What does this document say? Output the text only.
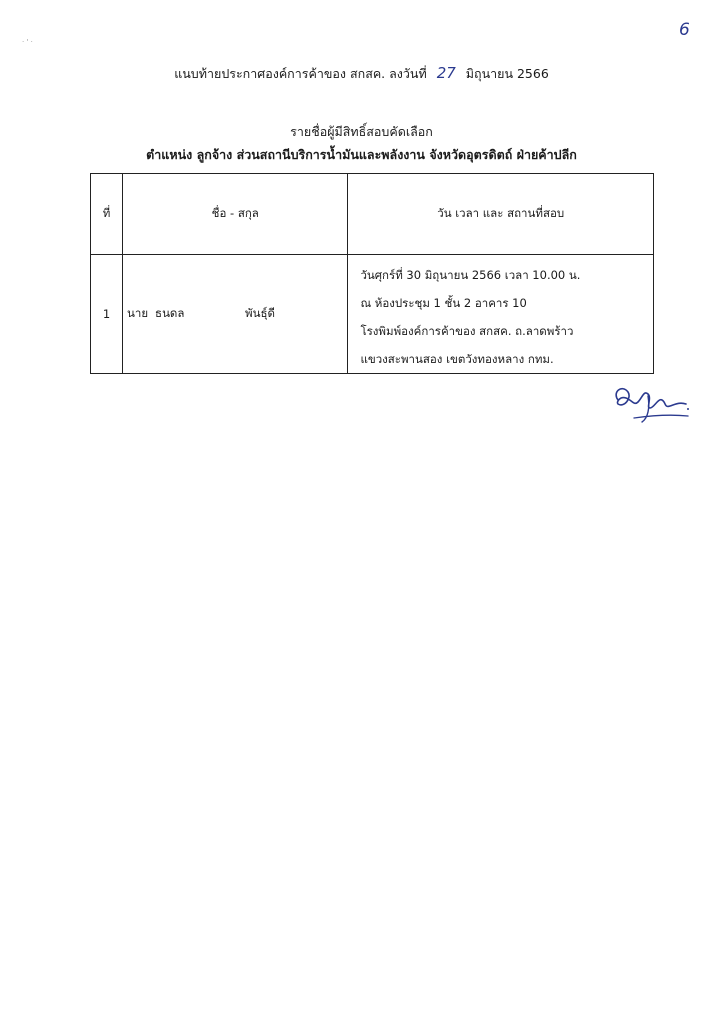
· ' ·
6
แนบท้ายประกาศองค์การค้าของ สกสค. ลงวันที่ 27 มิถุนายน 2566
รายชื่อผู้มีสิทธิ์สอบคัดเลือก
ตำแหน่ง ลูกจ้าง ส่วนสถานีบริการน้ำมันและพลังงาน จังหวัดอุตรดิตถ์ ฝ่ายค้าปลีก
ที่	ชื่อ - สกุล	วัน เวลา และ สถานที่สอบ
1	นาย ธนดล พันธุ์ดี	วันศุกร์ที่ 30 มิถุนายน 2566 เวลา 10.00 น.
ณ ห้องประชุม 1 ชั้น 2 อาคาร 10
โรงพิมพ์องค์การค้าของ สกสค. ถ.ลาดพร้าว
แขวงสะพานสอง เขตวังทองหลาง กทม.
